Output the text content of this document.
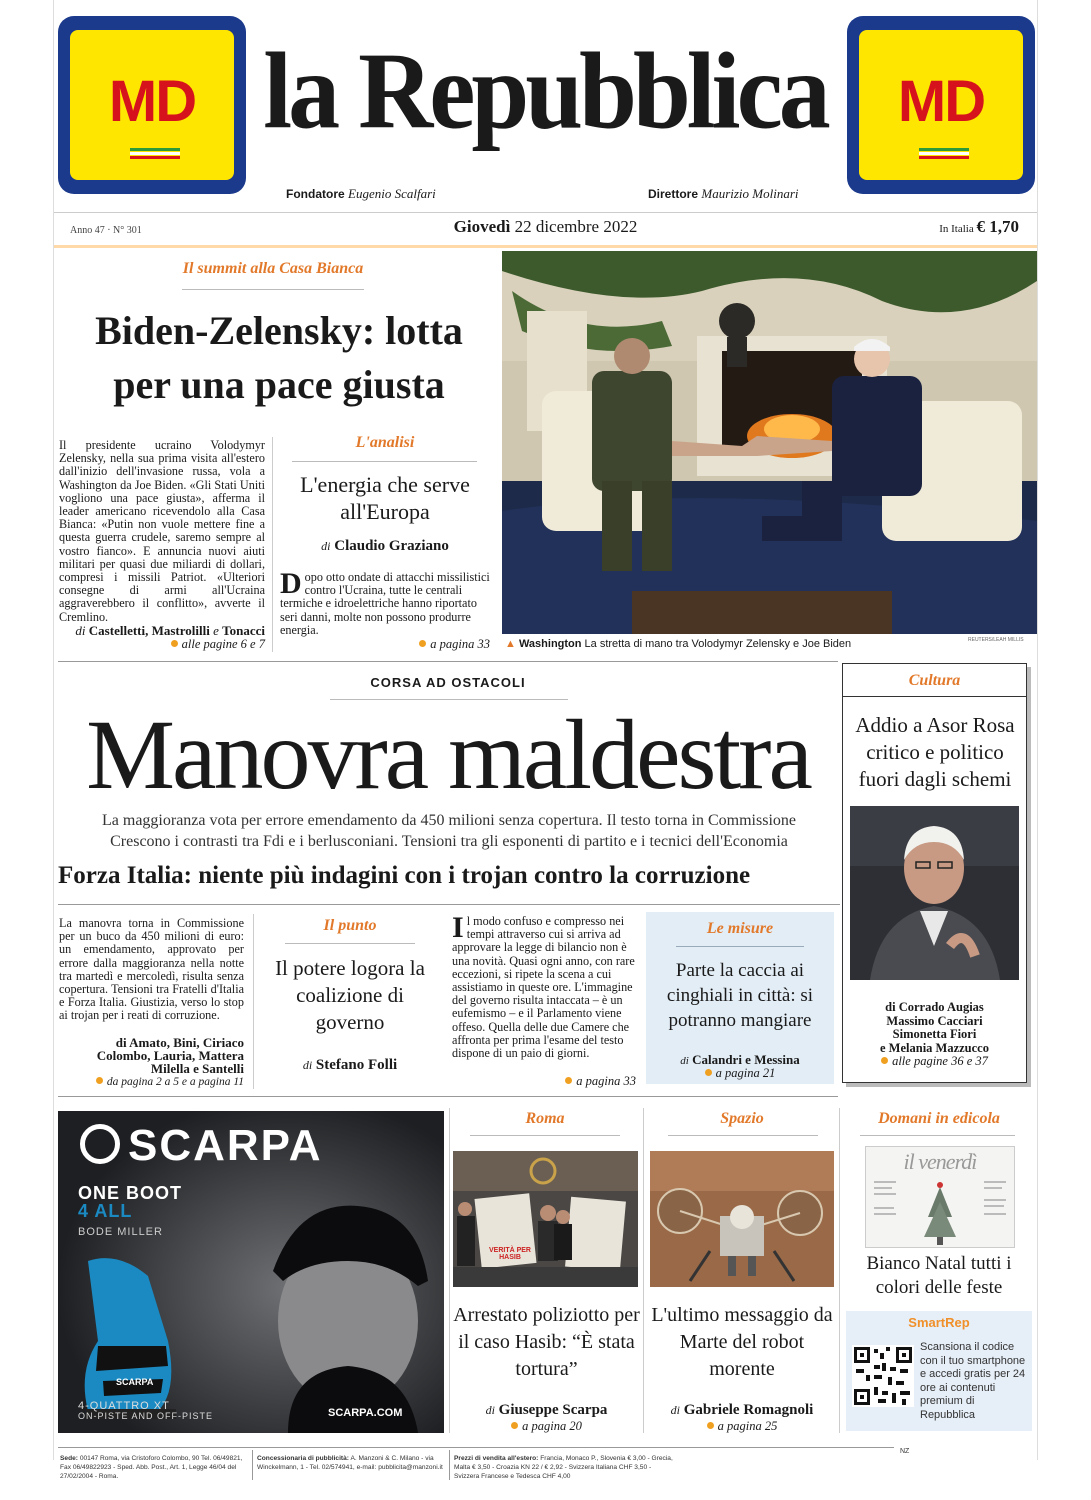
MD	MD
la Repubblica
Fondatore Eugenio Scalfari	Direttore Maurizio Molinari
Anno 47 · N° 301	Giovedì 22 dicembre 2022	In Italia € 1,70
Il summit alla Casa Bianca
Biden-Zelensky: lotta
per una pace giusta
Il presidente ucraino Volodymyr Zelensky, nella sua prima visita all'estero dall'inizio dell'invasione russa, vola a Washington da Joe Biden. «Gli Stati Uniti vogliono una pace giusta», afferma il leader americano ricevendolo alla Casa Bianca: «Putin non vuole mettere fine a questa guerra crudele, saremo sempre al vostro fianco». E annuncia nuovi aiuti militari per quasi due miliardi di dollari, compresi i missili Patriot. «Ulteriori consegne di armi all'Ucraina aggraverebbero il conflitto», avverte il Cremlino.
di Castelletti, Mastrolilli e Tonacci
alle pagine 6 e 7
L'analisi
L'energia che serve all'Europa
di Claudio Graziano
Dopo otto ondate di attacchi missilistici contro l'Ucraina, tutte le centrali termiche e idroelettriche hanno riportato seri danni, molte non possono produrre energia.
a pagina 33 ▲ Washington La stretta di mano tra Volodymyr Zelensky e Joe Biden	REUTERS/LEAH MILLIS
CORSA AD OSTACOLI
Manovra maldestra
La maggioranza vota per errore emendamento da 450 milioni senza copertura. Il testo torna in Commissione
Crescono i contrasti tra Fdi e i berlusconiani. Tensioni tra gli esponenti di partito e i tecnici dell'Economia
Forza Italia: niente più indagini con i trojan contro la corruzione
La manovra torna in Commissione per un buco da 450 milioni di euro: un emendamento, approvato per errore dalla maggioranza nella notte tra martedì e mercoledì, risulta senza copertura. Tensioni tra Fratelli d'Italia e Forza Italia. Giustizia, verso lo stop ai trojan per i reati di corruzione.
di Amato, Bini, Ciriaco
Colombo, Lauria, Mattera
Milella e Santelli
da pagina 2 a 5 e a pagina 11
Il punto
Il potere logora la coalizione di governo
di Stefano Folli
Il modo confuso e compresso nei tempi attraverso cui si arriva ad approvare la legge di bilancio non è una novità. Quasi ogni anno, con rare eccezioni, si ripete la scena a cui assistiamo in queste ore. L'immagine del governo risulta intaccata – è un eufemismo – e il Parlamento viene offeso. Quella delle due Camere che affronta per prima l'esame del testo dispone di un paio di giorni.
a pagina 33
Le misure
Parte la caccia ai cinghiali in città: si potranno mangiare
di Calandri e Messina
a pagina 21
Cultura
Addio a Asor Rosa critico e politico fuori dagli schemi
di Corrado Augias
Massimo Cacciari
Simonetta Fiori
e Melania Mazzucco
alle pagine 36 e 37
SCARPA
ONE BOOT
4 ALL
BODE MILLER
SCARPA
4-QUATTRO XT
ON-PISTE AND OFF-PISTE	SCARPA.COM
Roma
VERITÀ PER HASIB
Arrestato poliziotto per il caso Hasib: “È stata tortura”
di Giuseppe Scarpa
a pagina 20
Spazio
L'ultimo messaggio da Marte del robot morente
di Gabriele Romagnoli
a pagina 25
Domani in edicola
il venerdì
Bianco Natal tutti i colori delle feste
SmartRep
Scansiona il codice con il tuo smartphone e accedi gratis per 24 ore ai contenuti premium di Repubblica
Sede: 00147 Roma, via Cristoforo Colombo, 90 Tel. 06/49821, Fax 06/49822923 - Sped. Abb. Post., Art. 1, Legge 46/04 del 27/02/2004 - Roma.
Concessionaria di pubblicità: A. Manzoni & C. Milano - via Winckelmann, 1 - Tel. 02/574941, e-mail: pubblicita@manzoni.it
Prezzi di vendita all'estero: Francia, Monaco P., Slovenia € 3,00 - Grecia, Malta € 3,50 - Croazia KN 22 / € 2,92 - Svizzera Italiana CHF 3,50 - Svizzera Francese e Tedesca CHF 4,00
NZ
